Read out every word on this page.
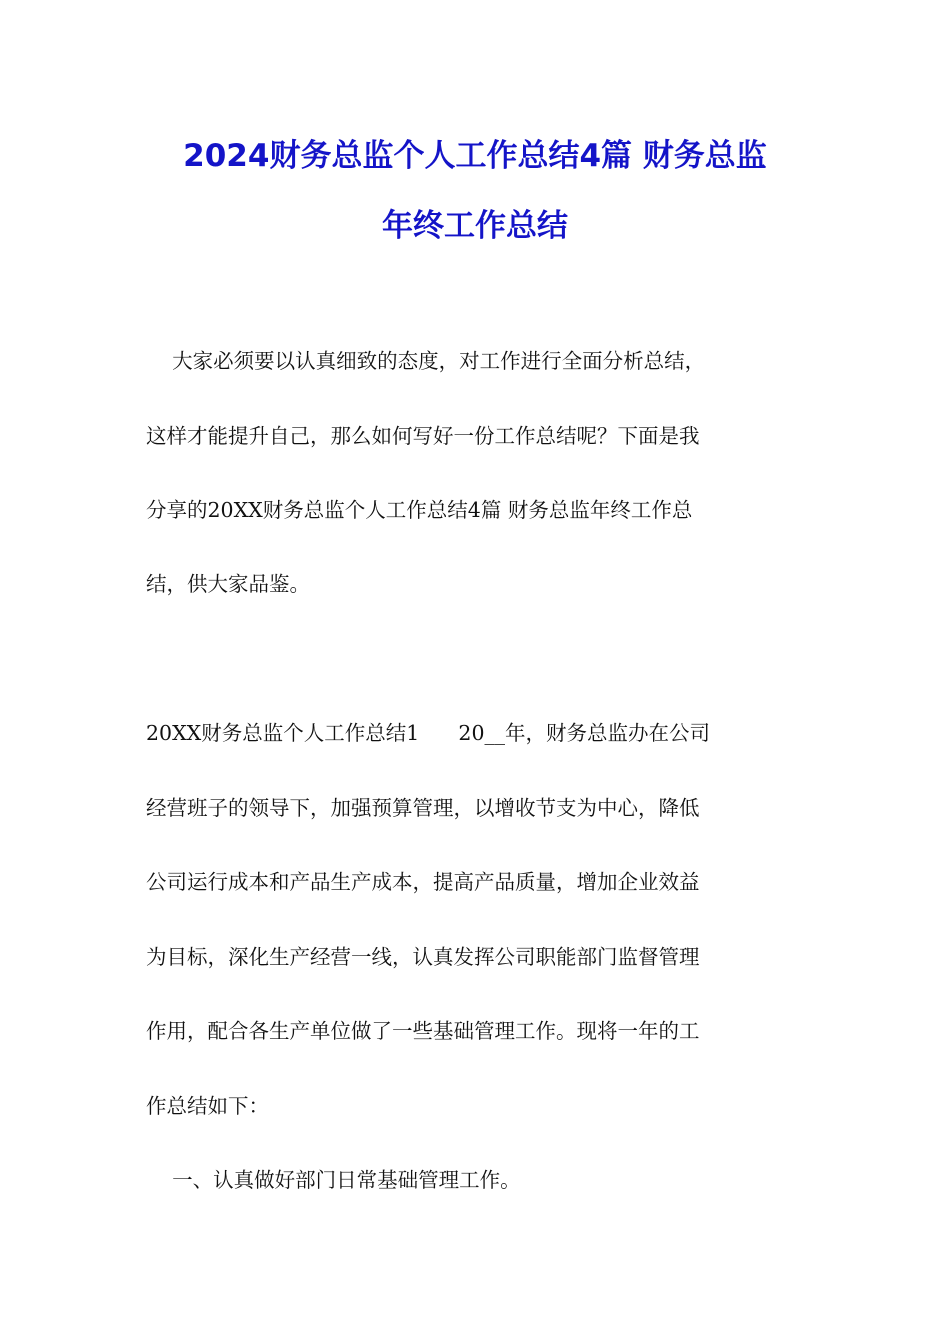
2024财务总监个人工作总结4篇 财务总监
年终工作总结
大家必须要以认真细致的态度，对工作进行全面分析总结，
这样才能提升自己，那么如何写好一份工作总结呢？下面是我
分享的20XX财务总监个人工作总结4篇 财务总监年终工作总
结，供大家品鉴。
20XX财务总监个人工作总结1      20__年，财务总监办在公司
经营班子的领导下，加强预算管理，以增收节支为中心，降低
公司运行成本和产品生产成本，提高产品质量，增加企业效益
为目标，深化生产经营一线，认真发挥公司职能部门监督管理
作用，配合各生产单位做了一些基础管理工作。现将一年的工
作总结如下：
一、认真做好部门日常基础管理工作。
